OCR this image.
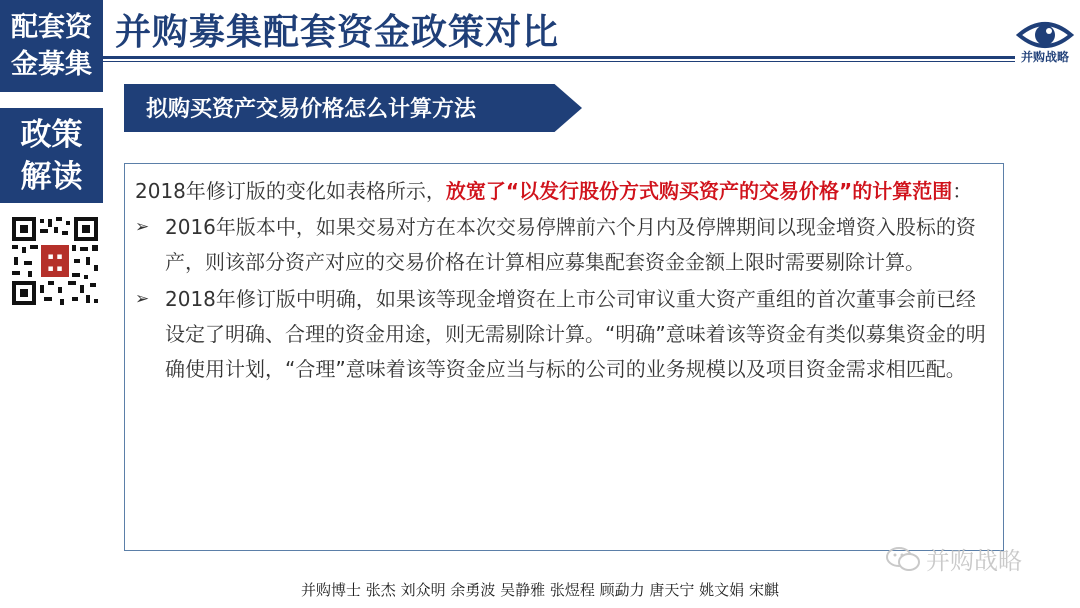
配套资
金募集
政策
解读
▪ ▪
▪ ▪
并购募集配套资金政策对比
并购战略
拟购买资产交易价格怎么计算方法

2018年修订版的变化如表格所示，放宽了“以发行股份方式购买资产的交易价格”的计算范围：

➢ 2016年版本中，如果交易对方在本次交易停牌前六个月内及停牌期间以现金增资入股标的资产，则该部分资产对应的交易价格在计算相应募集配套资金金额上限时需要剔除计算。
➢ 2018年修订版中明确，如果该等现金增资在上市公司审议重大资产重组的首次董事会前已经设定了明确、合理的资金用途，则无需剔除计算。“明确”意味着该等资金有类似募集资金的明确使用计划，“合理”意味着该等资金应当与标的公司的业务规模以及项目资金需求相匹配。
并购战略
并购博士 张杰 刘众明 余勇波 吴静雅 张煜程 顾勐力 唐天宁 姚文娟 宋麒
